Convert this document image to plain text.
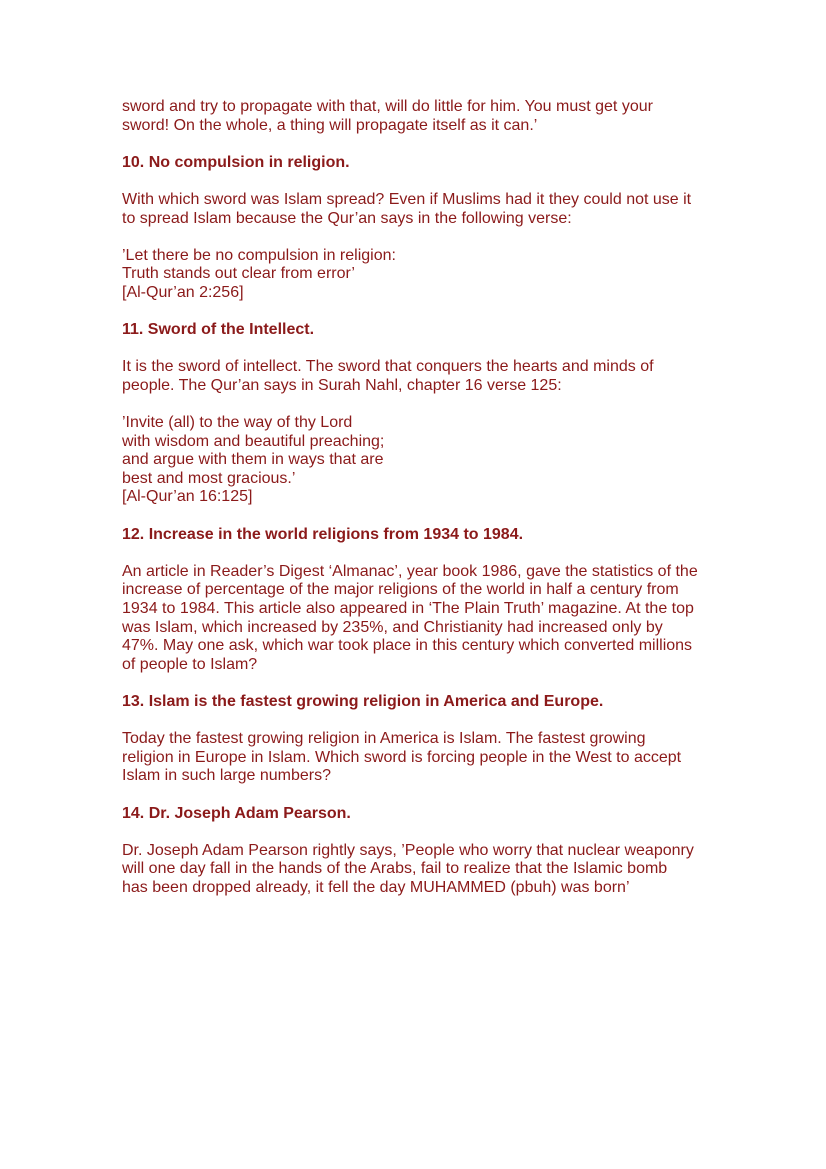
sword and try to propagate with that, will do little for him. You must get your
sword! On the whole, a thing will propagate itself as it can.’

10. No compulsion in religion.

With which sword was Islam spread? Even if Muslims had it they could not use it
to spread Islam because the Qur’an says in the following verse:

’Let there be no compulsion in religion:
Truth stands out clear from error’
[Al-Qur’an 2:256]

11. Sword of the Intellect.

It is the sword of intellect. The sword that conquers the hearts and minds of
people. The Qur’an says in Surah Nahl, chapter 16 verse 125:

’Invite (all) to the way of thy Lord
with wisdom and beautiful preaching;
and argue with them in ways that are
best and most gracious.’
[Al-Qur’an 16:125]

12. Increase in the world religions from 1934 to 1984.

An article in Reader’s Digest ‘Almanac’, year book 1986, gave the statistics of the
increase of percentage of the major religions of the world in half a century from
1934 to 1984. This article also appeared in ‘The Plain Truth’ magazine. At the top
was Islam, which increased by 235%, and Christianity had increased only by
47%. May one ask, which war took place in this century which converted millions
of people to Islam?

13. Islam is the fastest growing religion in America and Europe.

Today the fastest growing religion in America is Islam. The fastest growing
religion in Europe in Islam. Which sword is forcing people in the West to accept
Islam in such large numbers?

14. Dr. Joseph Adam Pearson.

Dr. Joseph Adam Pearson rightly says, ’People who worry that nuclear weaponry
will one day fall in the hands of the Arabs, fail to realize that the Islamic bomb
has been dropped already, it fell the day MUHAMMED (pbuh) was born’
